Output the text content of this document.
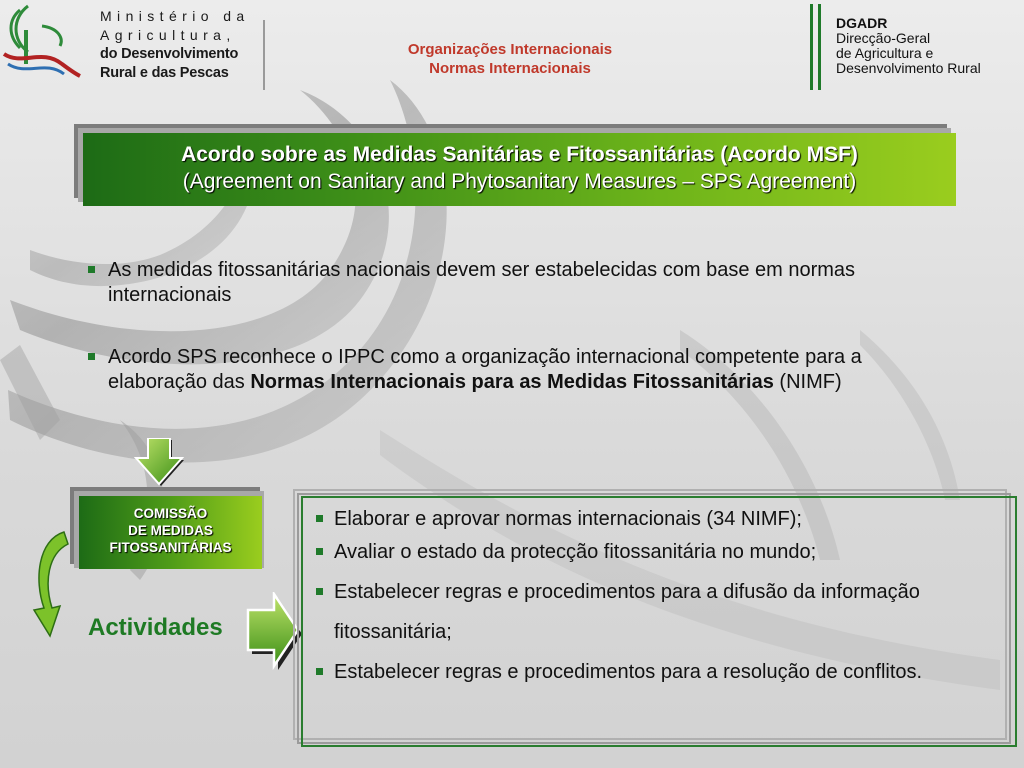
Ministério da
Agricultura,
do Desenvolvimento
Rural e das Pescas
Organizações Internacionais
Normas Internacionais
DGADR
Direcção-Geral
de Agricultura e
Desenvolvimento Rural
Acordo sobre as Medidas Sanitárias e Fitossanitárias (Acordo MSF)
(Agreement on Sanitary and Phytosanitary Measures – SPS Agreement)
As medidas fitossanitárias nacionais devem ser estabelecidas com base em normas internacionais
Acordo SPS reconhece o IPPC como a organização internacional competente para a elaboração das Normas Internacionais para as Medidas Fitossanitárias (NIMF)
COMISSÃO
DE MEDIDAS
FITOSSANITÁRIAS
Actividades
Elaborar e aprovar normas internacionais (34 NIMF);
Avaliar o estado da protecção fitossanitária no mundo;
Estabelecer regras e procedimentos para a difusão da informação fitossanitária;
Estabelecer regras e procedimentos para a resolução de conflitos.
